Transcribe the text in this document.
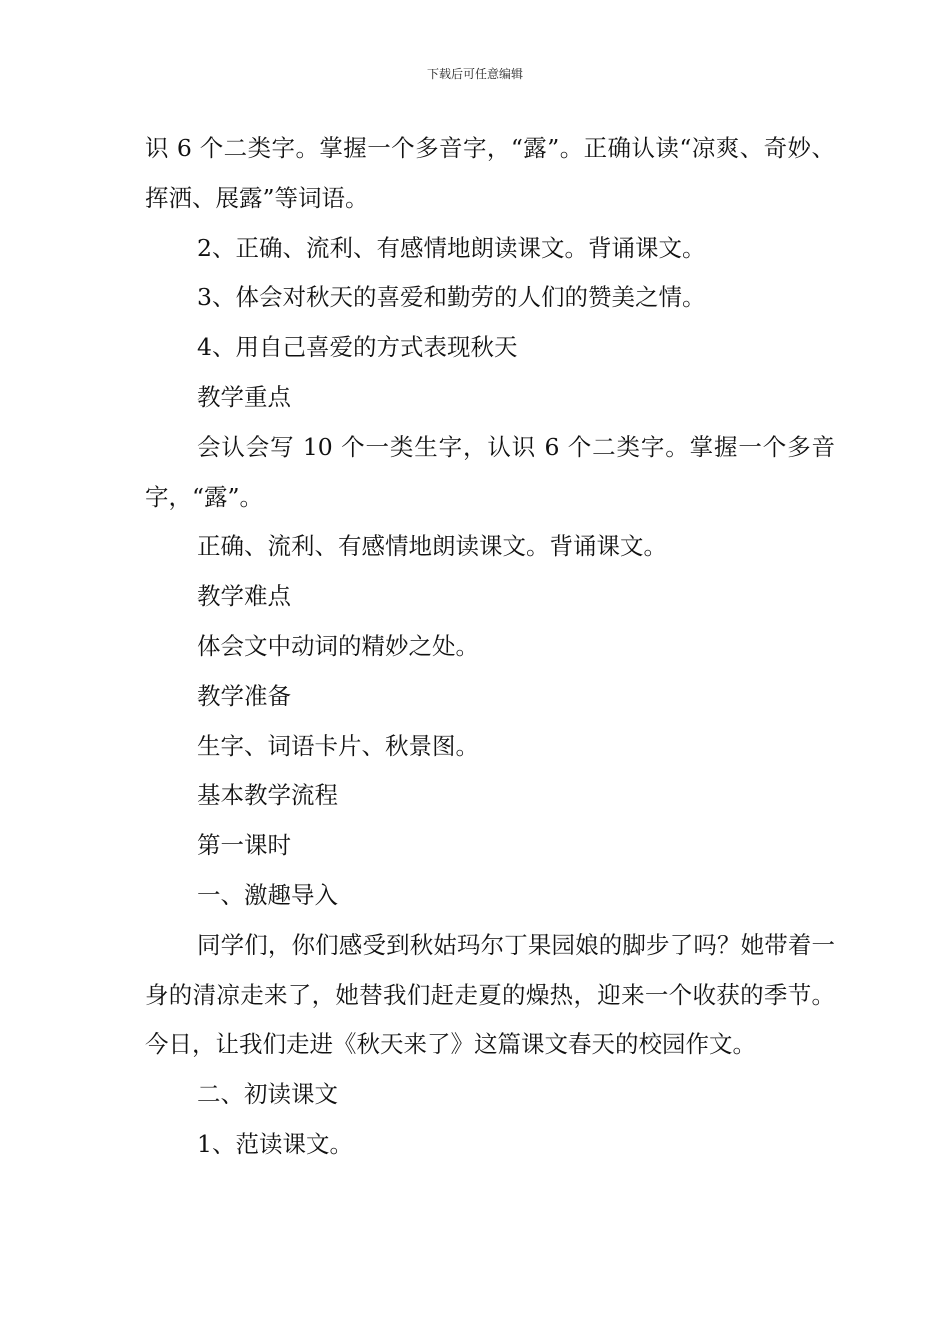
下载后可任意编辑

识 6 个二类字。掌握一个多音字，“露”。正确认读“凉爽、奇妙、挥洒、展露”等词语。

2、正确、流利、有感情地朗读课文。背诵课文。

3、体会对秋天的喜爱和勤劳的人们的赞美之情。

4、用自己喜爱的方式表现秋天

教学重点

会认会写 10 个一类生字，认识 6 个二类字。掌握一个多音字，“露”。

正确、流利、有感情地朗读课文。背诵课文。

教学难点

体会文中动词的精妙之处。

教学准备

生字、词语卡片、秋景图。

基本教学流程

第一课时

一、激趣导入

同学们，你们感受到秋姑玛尔丁果园娘的脚步了吗？她带着一身的清凉走来了，她替我们赶走夏的燥热，迎来一个收获的季节。今日，让我们走进《秋天来了》这篇课文春天的校园作文。

二、初读课文

1、范读课文。
